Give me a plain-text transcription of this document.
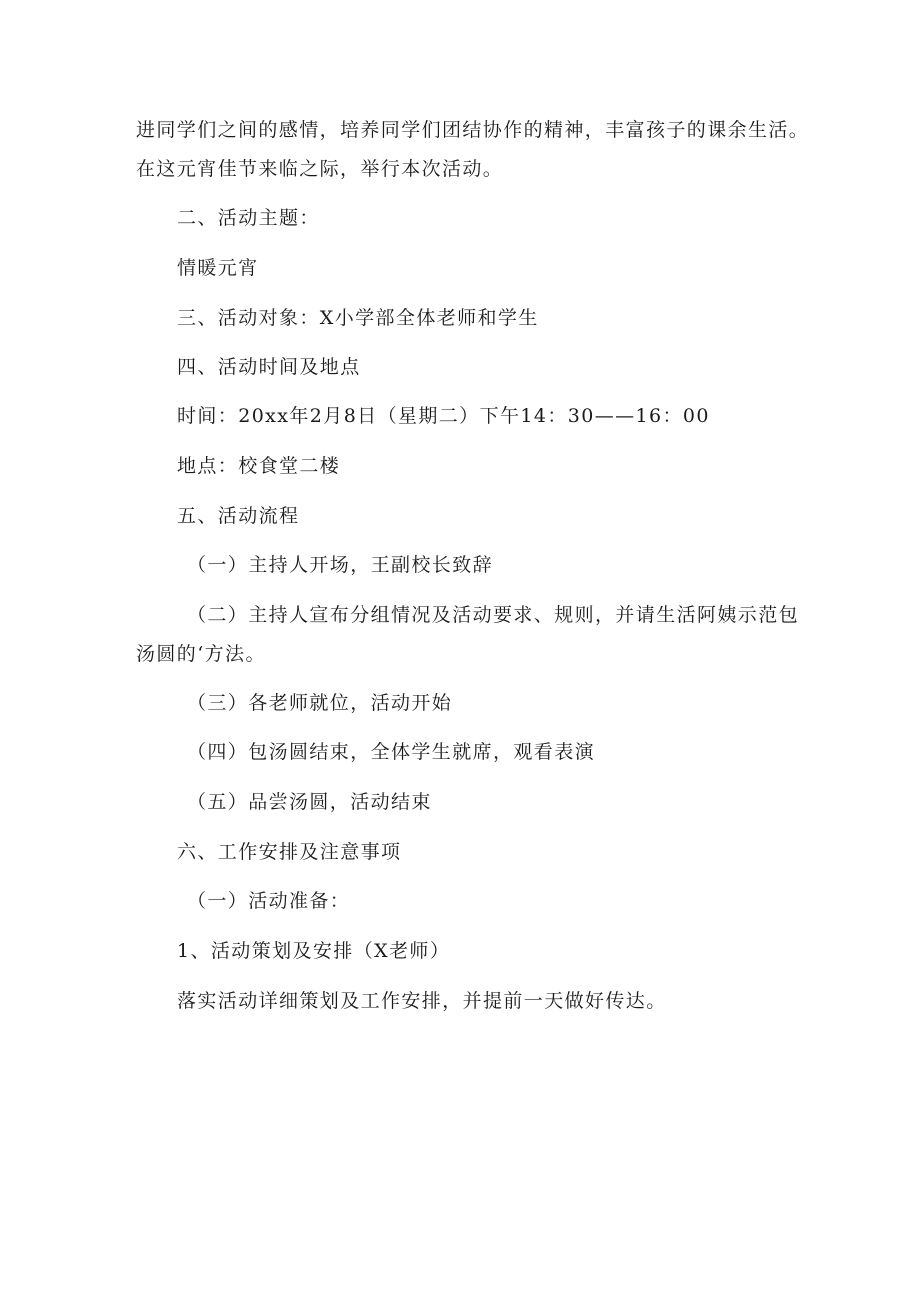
进同学们之间的感情，培养同学们团结协作的精神，丰富孩子的课余生活。
在这元宵佳节来临之际，举行本次活动。
二、活动主题：
情暖元宵
三、活动对象：X小学部全体老师和学生
四、活动时间及地点
时间：20xx年2月8日（星期二）下午14：30——16：00
地点：校食堂二楼
五、活动流程
（一）主持人开场，王副校长致辞
（二）主持人宣布分组情况及活动要求、规则，并请生活阿姨示范包
汤圆的‘方法。
（三）各老师就位，活动开始
（四）包汤圆结束，全体学生就席，观看表演
（五）品尝汤圆，活动结束
六、工作安排及注意事项
（一）活动准备：
1、活动策划及安排（X老师）
落实活动详细策划及工作安排，并提前一天做好传达。
